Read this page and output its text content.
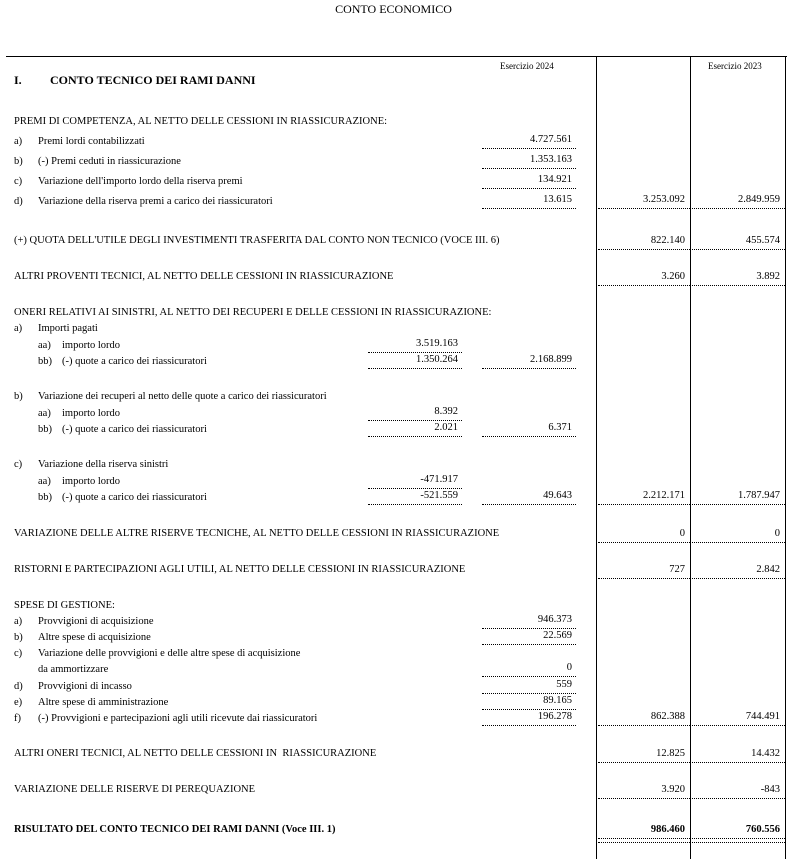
CONTO ECONOMICO
Esercizio 2024	Esercizio 2023
I. CONTO TECNICO DEI RAMI DANNI
PREMI DI COMPETENZA, AL NETTO DELLE CESSIONI IN RIASSICURAZIONE:
a) Premi lordi contabilizzati	4.727.561
b) (-) Premi ceduti in riassicurazione	1.353.163
c) Variazione dell'importo lordo della riserva premi	134.921
d) Variazione della riserva premi a carico dei riassicuratori	13.615	3.253.092	2.849.959
(+) QUOTA DELL'UTILE DEGLI INVESTIMENTI TRASFERITA DAL CONTO NON TECNICO (VOCE III. 6)	822.140	455.574
ALTRI PROVENTI TECNICI, AL NETTO DELLE CESSIONI IN RIASSICURAZIONE	3.260	3.892
ONERI RELATIVI AI SINISTRI, AL NETTO DEI RECUPERI E DELLE CESSIONI IN RIASSICURAZIONE:
a) Importi pagati
aa) importo lordo	3.519.163
bb) (-) quote a carico dei riassicuratori	1.350.264	2.168.899
b) Variazione dei recuperi al netto delle quote a carico dei riassicuratori
aa) importo lordo	8.392
bb) (-) quote a carico dei riassicuratori	2.021	6.371
c) Variazione della riserva sinistri
aa) importo lordo	-471.917
bb) (-) quote a carico dei riassicuratori	-521.559	49.643	2.212.171	1.787.947
VARIAZIONE DELLE ALTRE RISERVE TECNICHE, AL NETTO DELLE CESSIONI IN RIASSICURAZIONE	0	0
RISTORNI E PARTECIPAZIONI AGLI UTILI, AL NETTO DELLE CESSIONI IN RIASSICURAZIONE	727	2.842
SPESE DI GESTIONE:
a) Provvigioni di acquisizione	946.373
b) Altre spese di acquisizione	22.569
c) Variazione delle provvigioni e delle altre spese di acquisizione
da ammortizzare	0
d) Provvigioni di incasso	559
e) Altre spese di amministrazione	89.165
f) (-) Provvigioni e partecipazioni agli utili ricevute dai riassicuratori	196.278	862.388	744.491
ALTRI ONERI TECNICI, AL NETTO DELLE CESSIONI IN  RIASSICURAZIONE	12.825	14.432
VARIAZIONE DELLE RISERVE DI PEREQUAZIONE	3.920	-843
RISULTATO DEL CONTO TECNICO DEI RAMI DANNI (Voce III. 1)	986.460	760.556
